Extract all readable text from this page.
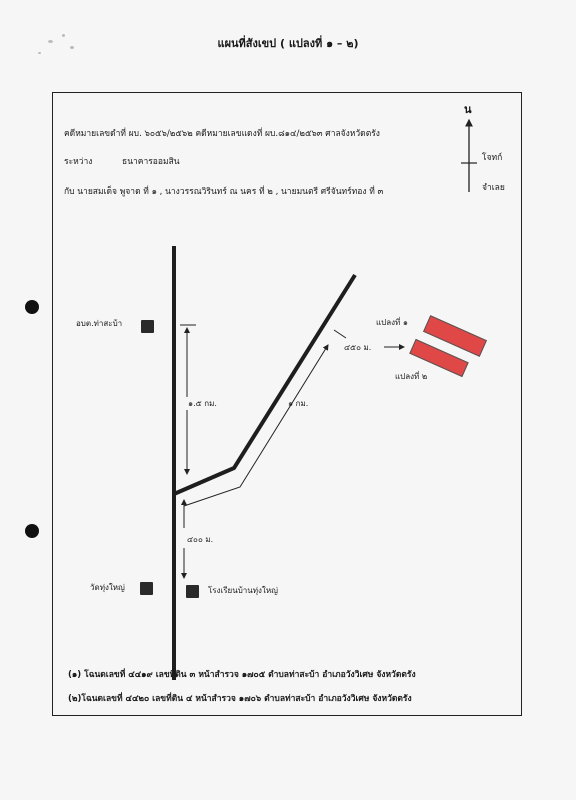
แผนที่สังเขป ( แปลงที่ ๑ – ๒)
คดีหมายเลขดำที่ ผบ. ๖๐๕๖/๒๕๖๒ คดีหมายเลขแดงที่ ผบ.๘๑๔/๒๕๖๓ ศาลจังหวัดตรัง
ระหว่าง	ธนาคารออมสิน
กับ นายสมเด็จ พูจาด ที่ ๑ , นางวรรณวิรินทร์ ณ นคร ที่ ๒ , นายมนตรี ศรีจันทร์ทอง ที่ ๓
น
โจทก์
จำเลย
อบต.ท่าสะบ้า
วัดทุ่งใหญ่	โรงเรียนบ้านทุ่งใหญ่
๑.๕ กม.	๑ กม.
๔๕๐ ม.
๔๐๐ ม.
แปลงที่ ๑
แปลงที่ ๒
(๑) โฉนดเลขที่ ๔๔๑๙ เลขที่ดิน ๓ หน้าสำรวจ ๑๗๐๕ ตำบลท่าสะบ้า อำเภอวังวิเศษ จังหวัดตรัง
(๒)โฉนดเลขที่ ๔๔๒๐ เลขที่ดิน ๔ หน้าสำรวจ ๑๗๐๖ ตำบลท่าสะบ้า อำเภอวังวิเศษ จังหวัดตรัง
